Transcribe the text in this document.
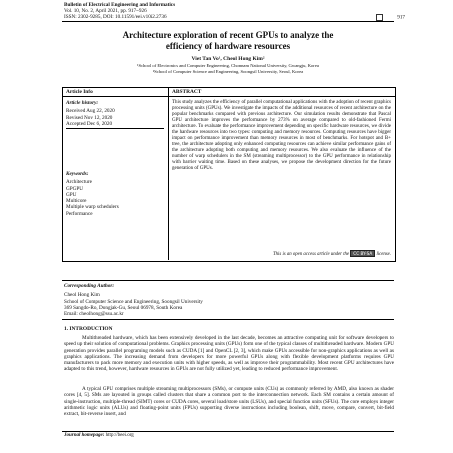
Bulletin of Electrical Engineering and Informatics
Vol. 10, No. 2, April 2021, pp. 917~926
ISSN: 2302-9285, DOI: 10.11591/eei.v10i2.2736	917
Architecture exploration of recent GPUs to analyze the
efficiency of hardware resources
Viet Tan Vo¹, Cheol Hong Kim²
¹School of Electronics and Computer Engineering, Chonnam National University, Gwangju, Korea
²School of Computer Science and Engineering, Soongsil University, Seoul, Korea
Article Info	ABSTRACT
Article history:
Received Aug 22, 2020
Revised Nov 12, 2020
Accepted Dec 6, 2020
Keywords:
Architecture
GPGPU
GPU
Multicore
Multiple warp schedulers
Performance
This study analyzes the efficiency of parallel computational applications with the adoption of recent graphics processing units (GPUs). We investigate the impacts of the additional resources of recent architecture on the popular benchmarks compared with previous architecture. Our simulation results demonstrate that Pascal GPU architecture improves the performance by 273% on average compared to old-fashioned Fermi architecture. To evaluate the performance improvement depending on specific hardware resources, we divide the hardware resources into two types: computing and memory resources. Computing resources have bigger impact on performance improvement than memory resources in most of benchmarks. For hotspot and B+ tree, the architecture adopting only enhanced computing resources can achieve similar performance gains of the architecture adopting both computing and memory resources. We also evaluate the influence of the number of warp schedulers in the SM (streaming multiprocessor) to the GPU performance in relationship with barrier waiting time. Based on these analyses, we propose the development direction for the future generation of GPUs.
This is an open access article under the CC BY-SA license.
Corresponding Author:
Cheol Hong Kim
School of Computer Science and Engineering, Soongsil University
369 Sangdo-Ro, Dongjak-Gu, Seoul 06978, South Korea
Email: cheolhong@ssu.ac.kr
1. INTRODUCTION
Multithreaded hardware, which has been extensively developed in the last decade, becomes an attractive computing unit for software developers to speed up their solution of computational problems. Graphics processing units (GPUs) form one of the typical classes of multithreaded hardware. Modern GPU generation provides parallel programing models such as CUDA [1] and OpenCL [2, 3], which make GPUs accessible for non-graphics applications as well as graphics applications. The increasing demand from developers for more powerful GPUs along with flexible development platforms requires GPU manufacturers to pack more memory and execution units with higher speeds, as well as improve their programmability. Most recent GPU architectures have adapted to this trend, however, hardware resources in GPUs are not fully utilized yet, leading to reduced performance improvement.
A typical GPU comprises multiple streaming multiprocessors (SMs), or compute units (CUs) as commonly referred by AMD, also known as shader cores [4, 5]. SMs are layouted in groups called clusters that share a common port to the interconnection network. Each SM contains a certain amount of single-instruction, multiple-thread (SIMT) cores or CUDA cores, several load/store units (LSUs), and special function units (SFUs). The core employs integer arithmetic logic units (ALUs) and floating-point units (FPUs) supporting diverse instructions including boolean, shift, move, compare, convert, bit-field extract, bit-reverse insert, and
Journal homepage: http://beei.org
